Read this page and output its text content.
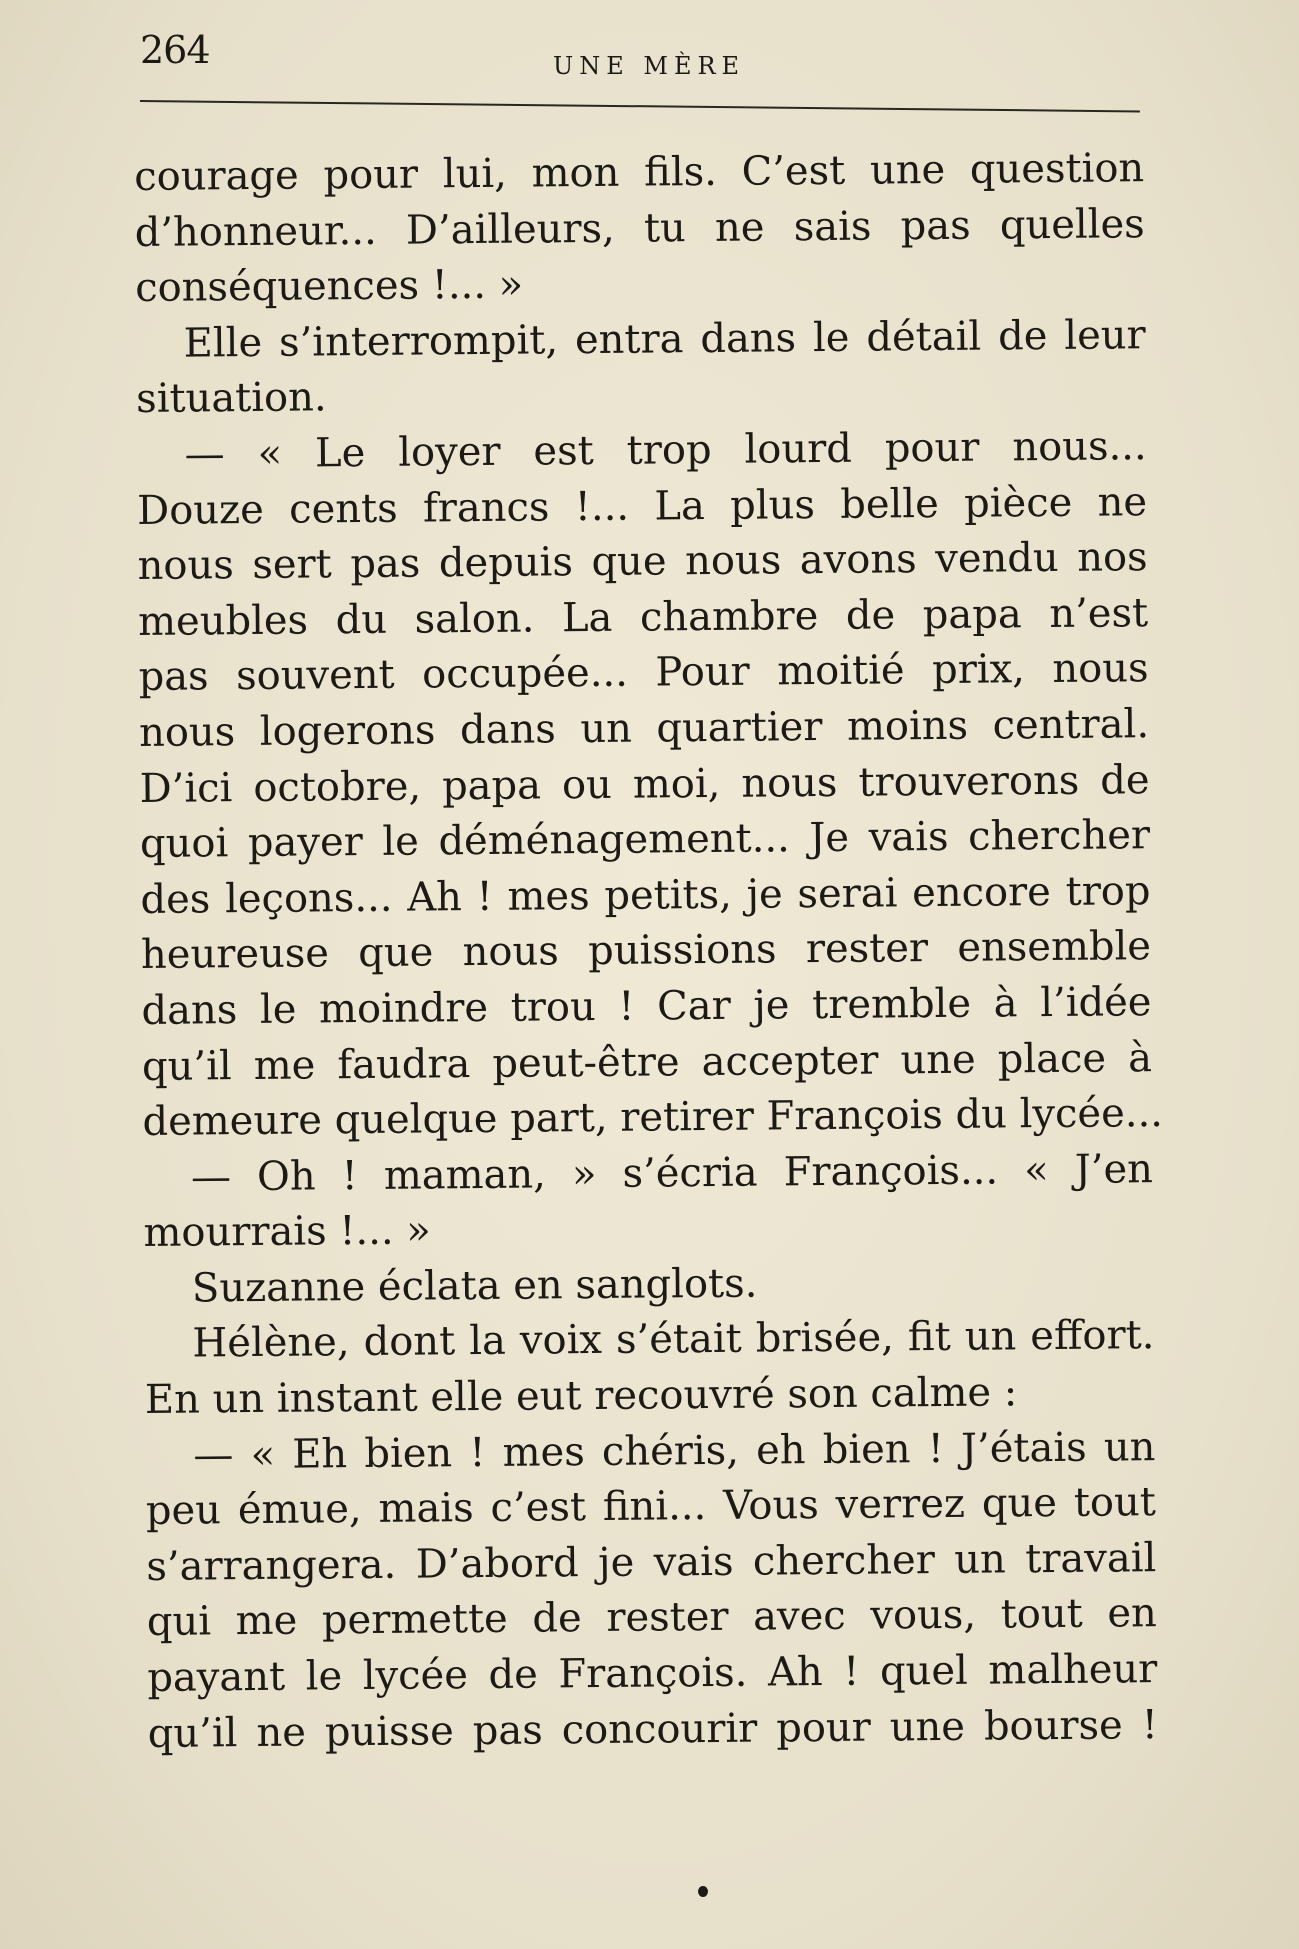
264	UNE MÈRE
courage pour lui, mon fils. C’est une question
d’honneur... D’ailleurs, tu ne sais pas quelles
conséquences !... »
Elle s’interrompit, entra dans le détail de leur
situation.
— « Le loyer est trop lourd pour nous...
Douze cents francs !... La plus belle pièce ne
nous sert pas depuis que nous avons vendu nos
meubles du salon. La chambre de papa n’est
pas souvent occupée... Pour moitié prix, nous
nous logerons dans un quartier moins central.
D’ici octobre, papa ou moi, nous trouverons de
quoi payer le déménagement... Je vais chercher
des leçons... Ah ! mes petits, je serai encore trop
heureuse que nous puissions rester ensemble
dans le moindre trou ! Car je tremble à l’idée
qu’il me faudra peut-être accepter une place à
demeure quelque part, retirer François du lycée...
— Oh ! maman, » s’écria François... « J’en
mourrais !... »
Suzanne éclata en sanglots.
Hélène, dont la voix s’était brisée, fit un effort.
En un instant elle eut recouvré son calme :
— « Eh bien ! mes chéris, eh bien ! J’étais un
peu émue, mais c’est fini... Vous verrez que tout
s’arrangera. D’abord je vais chercher un travail
qui me permette de rester avec vous, tout en
payant le lycée de François. Ah ! quel malheur
qu’il ne puisse pas concourir pour une bourse !
